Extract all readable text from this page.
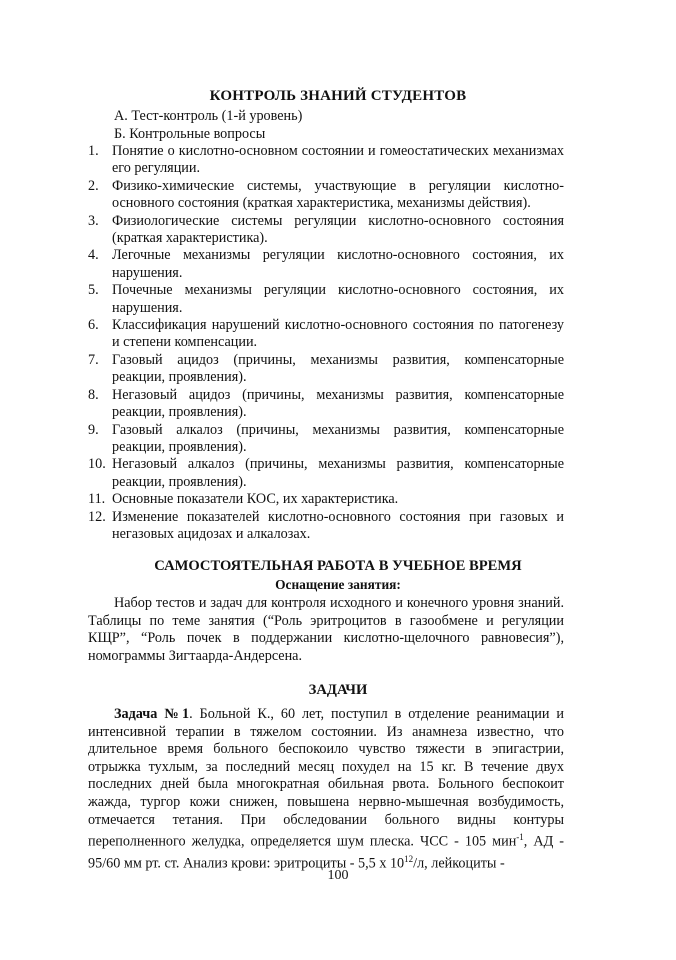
КОНТРОЛЬ ЗНАНИЙ СТУДЕНТОВ
А. Тест-контроль (1-й уровень)
Б. Контрольные вопросы
1. Понятие о кислотно-основном состоянии и гомеостатических механизмах его регуляции.
2. Физико-химические системы, участвующие в регуляции кислотно-основного состояния (краткая характеристика, механизмы действия).
3. Физиологические системы регуляции кислотно-основного состояния (краткая характеристика).
4. Легочные механизмы регуляции кислотно-основного состояния, их нарушения.
5. Почечные механизмы регуляции кислотно-основного состояния, их нарушения.
6. Классификация нарушений кислотно-основного состояния по патогенезу и степени компенсации.
7. Газовый ацидоз (причины, механизмы развития, компенсаторные реакции, проявления).
8. Негазовый ацидоз (причины, механизмы развития, компенсаторные реакции, проявления).
9. Газовый алкалоз (причины, механизмы развития, компенсаторные реакции, проявления).
10. Негазовый алкалоз (причины, механизмы развития, компенсаторные реакции, проявления).
11. Основные показатели КОС, их характеристика.
12. Изменение показателей кислотно-основного состояния при газовых и негазовых ацидозах и алкалозах.
САМОСТОЯТЕЛЬНАЯ РАБОТА В УЧЕБНОЕ ВРЕМЯ
Оснащение занятия:

Набор тестов и задач для контроля исходного и конечного уровня знаний. Таблицы по теме занятия (“Роль эритроцитов в газообмене и регуляции КЩР”, “Роль почек в поддержании кислотно-щелочного равновесия”), номограммы Зигтаарда-Андерсена.

ЗАДАЧИ

Задача №1. Больной К., 60 лет, поступил в отделение реанимации и интенсивной терапии в тяжелом состоянии. Из анамнеза известно, что длительное время больного беспокоило чувство тяжести в эпигастрии, отрыжка тухлым, за последний месяц похудел на 15 кг. В течение двух последних дней была многократная обильная рвота. Больного беспокоит жажда, тургор кожи снижен, повышена нервно-мышечная возбудимость, отмечается тетания. При обследовании больного видны контуры переполненного желудка, определяется шум плеска. ЧСС - 105 мин$^{-1}$, АД - 95/60 мм рт. ст. Анализ крови: эритроциты - 5,5 х $10^{12}/л$, лейкоциты -

100
